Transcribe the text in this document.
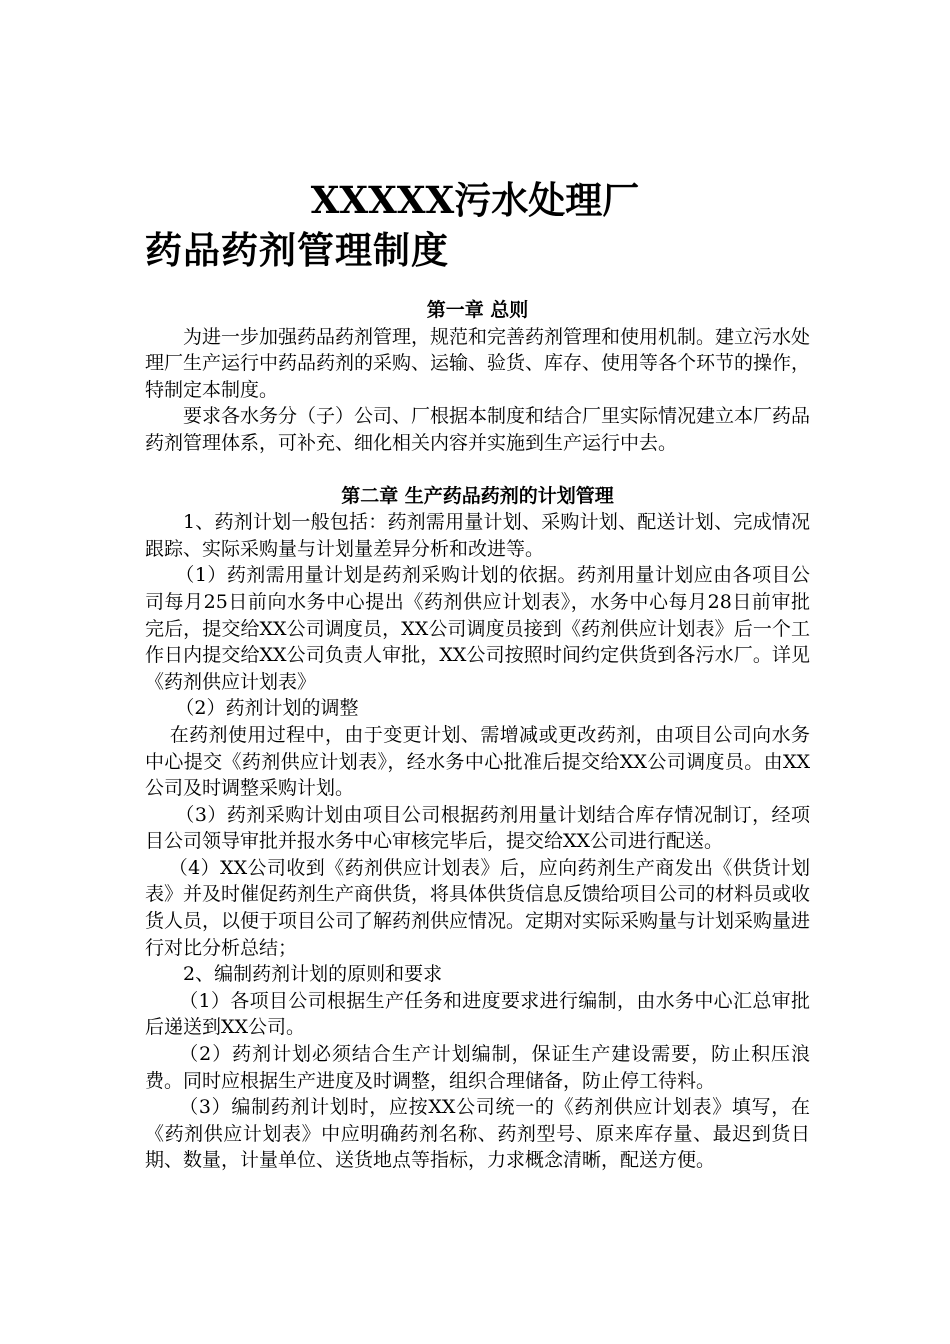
XXXXX污水处理厂
药品药剂管理制度

第一章 总则

为进一步加强药品药剂管理，规范和完善药剂管理和使用机制。建立污水处理厂生产运行中药品药剂的采购、运输、验货、库存、使用等各个环节的操作，特制定本制度。

要求各水务分（子）公司、厂根据本制度和结合厂里实际情况建立本厂药品药剂管理体系，可补充、细化相关内容并实施到生产运行中去。

第二章 生产药品药剂的计划管理

1、药剂计划一般包括：药剂需用量计划、采购计划、配送计划、完成情况跟踪、实际采购量与计划量差异分析和改进等。

（1）药剂需用量计划是药剂采购计划的依据。药剂用量计划应由各项目公司每月25日前向水务中心提出《药剂供应计划表》，水务中心每月28日前审批完后，提交给XX公司调度员，XX公司调度员接到《药剂供应计划表》后一个工作日内提交给XX公司负责人审批，XX公司按照时间约定供货到各污水厂。详见《药剂供应计划表》

（2）药剂计划的调整

在药剂使用过程中，由于变更计划、需增减或更改药剂，由项目公司向水务中心提交《药剂供应计划表》，经水务中心批准后提交给XX公司调度员。由XX公司及时调整采购计划。

（3）药剂采购计划由项目公司根据药剂用量计划结合库存情况制订，经项目公司领导审批并报水务中心审核完毕后，提交给XX公司进行配送。

（4）XX公司收到《药剂供应计划表》后，应向药剂生产商发出《供货计划表》并及时催促药剂生产商供货，将具体供货信息反馈给项目公司的材料员或收货人员，以便于项目公司了解药剂供应情况。定期对实际采购量与计划采购量进行对比分析总结；

2、编制药剂计划的原则和要求

（1）各项目公司根据生产任务和进度要求进行编制，由水务中心汇总审批后递送到XX公司。

（2）药剂计划必须结合生产计划编制，保证生产建设需要，防止积压浪费。同时应根据生产进度及时调整，组织合理储备，防止停工待料。

（3）编制药剂计划时，应按XX公司统一的《药剂供应计划表》填写，在《药剂供应计划表》中应明确药剂名称、药剂型号、原来库存量、最迟到货日期、数量，计量单位、送货地点等指标，力求概念清晰，配送方便。
